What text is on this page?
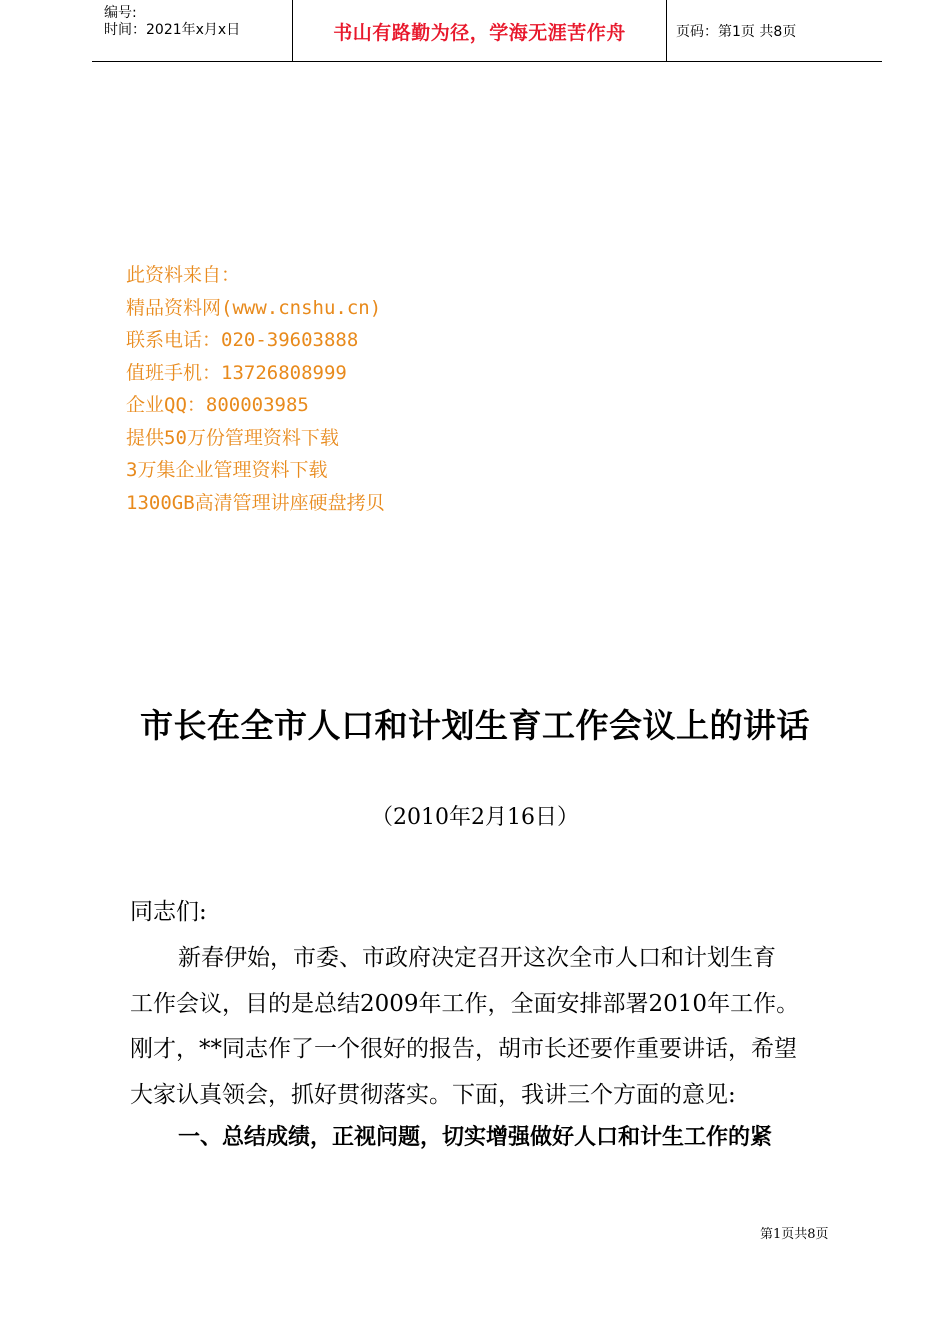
编号:
时间：2021年x月x日	书山有路勤为径，学海无涯苦作舟	页码：第1页 共8页
此资料来自：
精品资料网(www.cnshu.cn)
联系电话：020-39603888
值班手机：13726808999
企业QQ：800003985
提供50万份管理资料下载
3万集企业管理资料下载
1300GB高清管理讲座硬盘拷贝
市长在全市人口和计划生育工作会议上的讲话
（2010年2月16日）
同志们:
新春伊始，市委、市政府决定召开这次全市人口和计划生育
工作会议，目的是总结2009年工作，全面安排部署2010年工作。
刚才，**同志作了一个很好的报告，胡市长还要作重要讲话，希望
大家认真领会，抓好贯彻落实。下面，我讲三个方面的意见:
一、总结成绩，正视问题，切实增强做好人口和计生工作的紧
第1页共8页
